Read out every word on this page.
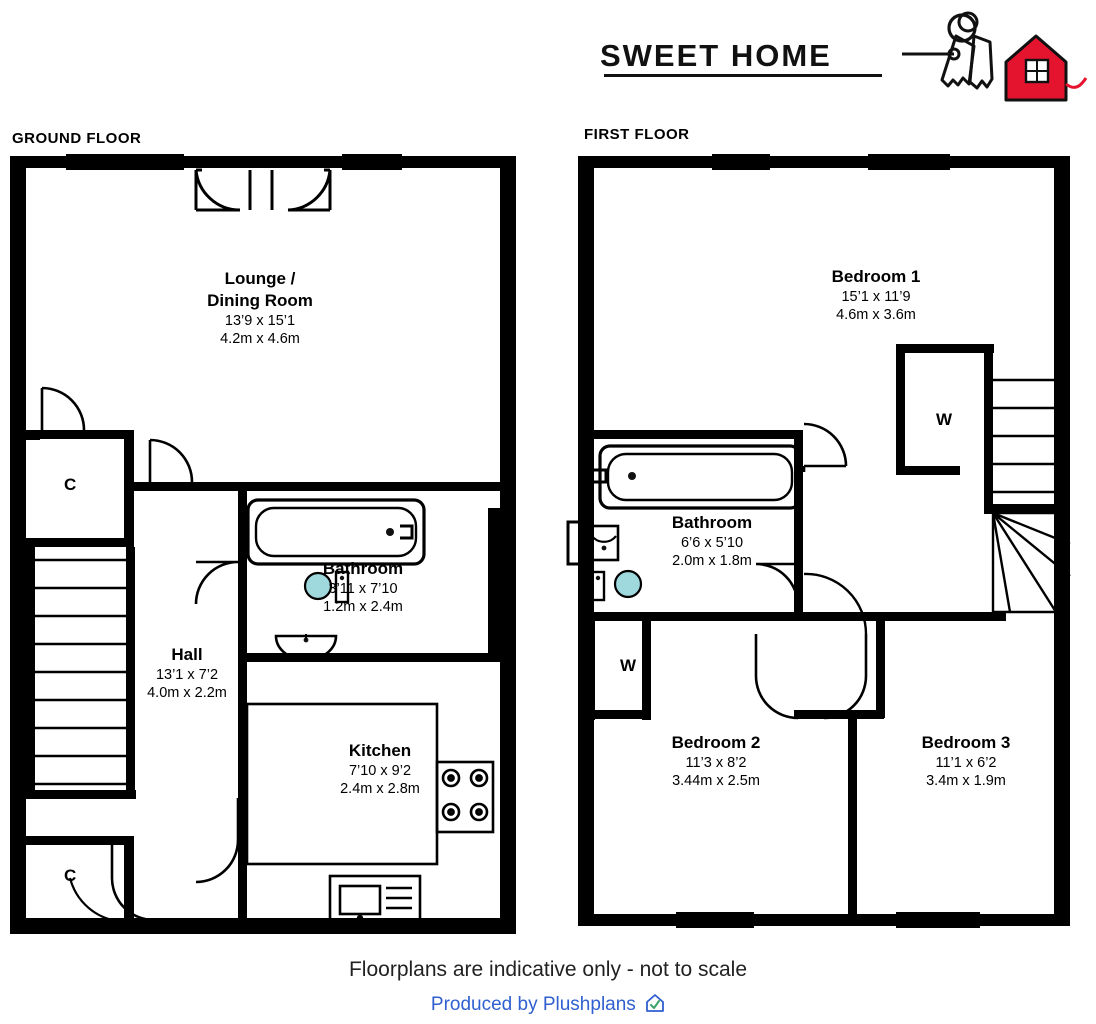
SWEET HOME
GROUND FLOOR	FIRST FLOOR
Lounge /
Dining Room
13’9 x 15’1
4.2m x 4.6m
Bathroom
3’11 x 7’10
1.2m x 2.4m
Hall
13’1 x 7’2
4.0m x 2.2m
Kitchen
7’10 x 9’2
2.4m x 2.8m
C
C
Bedroom 1
15’1 x 11’9
4.6m x 3.6m
Bathroom
6’6 x 5’10
2.0m x 1.8m
Bedroom 2
11’3 x 8’2
3.44m x 2.5m
Bedroom 3
11’1 x 6’2
3.4m x 1.9m
W
W
Floorplans are indicative only - not to scale
Produced by Plushplans
